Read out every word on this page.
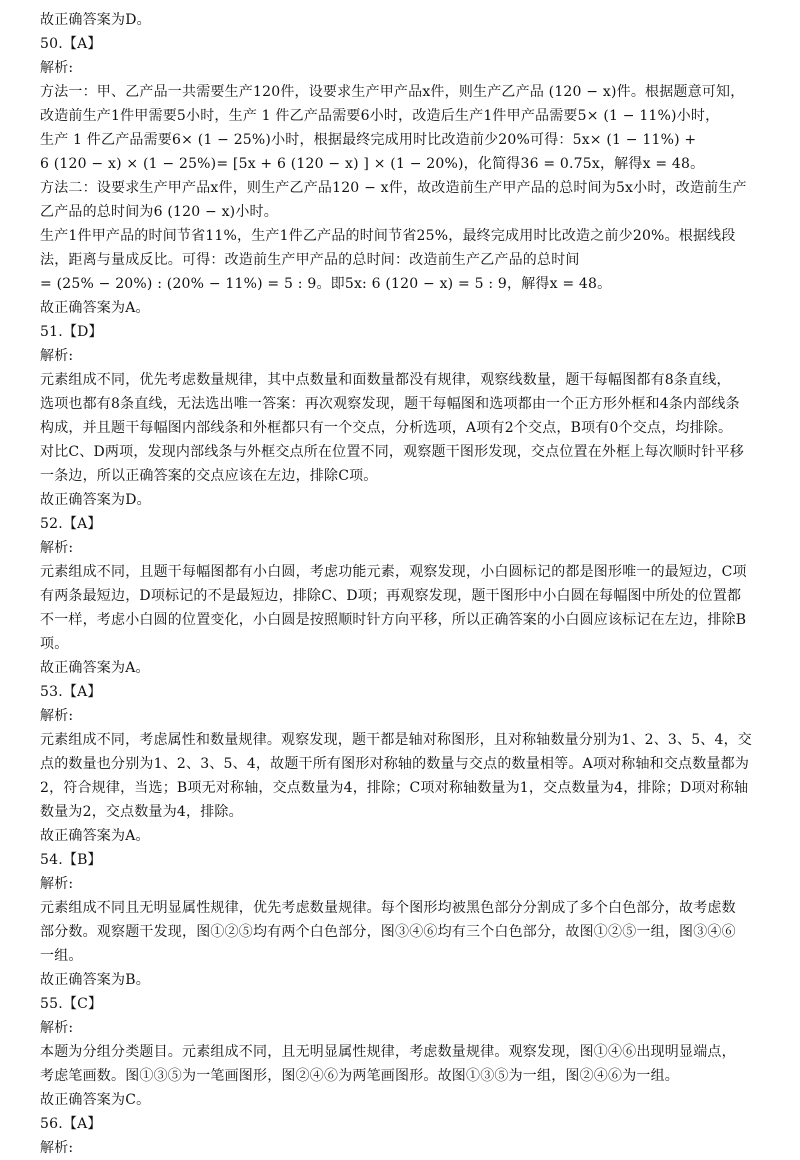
故正确答案为D。
50.【A】
解析:
方法一：甲、乙产品一共需要生产120件，设要求生产甲产品x件，则生产乙产品 (120 − x)件。根据题意可知，
改造前生产1件甲需要5小时，生产 1 件乙产品需要6小时，改造后生产1件甲产品需要5× (1 − 11%)小时，
生产 1 件乙产品需要6× (1 − 25%)小时，根据最终完成用时比改造前少20%可得：5x× (1 − 11%) +
6 (120 − x) × (1 − 25%)= [5x + 6 (120 − x) ] × (1 − 20%)，化简得36 = 0.75x，解得x = 48。
方法二：设要求生产甲产品x件，则生产乙产品120 − x件，故改造前生产甲产品的总时间为5x小时，改造前生产
乙产品的总时间为6 (120 − x)小时。
生产1件甲产品的时间节省11%，生产1件乙产品的时间节省25%，最终完成用时比改造之前少20%。根据线段
法，距离与量成反比。可得：改造前生产甲产品的总时间：改造前生产乙产品的总时间
= (25% − 20%) : (20% − 11%) = 5 : 9。即5x: 6 (120 − x) = 5 : 9，解得x = 48。
故正确答案为A。
51.【D】
解析:
元素组成不同，优先考虑数量规律，其中点数量和面数量都没有规律，观察线数量，题干每幅图都有8条直线，
选项也都有8条直线，无法选出唯一答案：再次观察发现，题干每幅图和选项都由一个正方形外框和4条内部线条
构成，并且题干每幅图内部线条和外框都只有一个交点，分析选项，A项有2个交点，B项有0个交点，均排除。
对比C、D两项，发现内部线条与外框交点所在位置不同，观察题干图形发现，交点位置在外框上每次顺时针平移
一条边，所以正确答案的交点应该在左边，排除C项。
故正确答案为D。
52.【A】
解析:
元素组成不同，且题干每幅图都有小白圆，考虑功能元素，观察发现，小白圆标记的都是图形唯一的最短边，C项
有两条最短边，D项标记的不是最短边，排除C、D项；再观察发现，题干图形中小白圆在每幅图中所处的位置都
不一样，考虑小白圆的位置变化，小白圆是按照顺时针方向平移，所以正确答案的小白圆应该标记在左边，排除B
项。
故正确答案为A。
53.【A】
解析:
元素组成不同，考虑属性和数量规律。观察发现，题干都是轴对称图形，且对称轴数量分别为1、2、3、5、4，交
点的数量也分别为1、2、3、5、4，故题干所有图形对称轴的数量与交点的数量相等。A项对称轴和交点数量都为
2，符合规律，当选；B项无对称轴，交点数量为4，排除；C项对称轴数量为1，交点数量为4，排除；D项对称轴
数量为2，交点数量为4，排除。
故正确答案为A。
54.【B】
解析:
元素组成不同且无明显属性规律，优先考虑数量规律。每个图形均被黑色部分分割成了多个白色部分，故考虑数
部分数。观察题干发现，图①②⑤均有两个白色部分，图③④⑥均有三个白色部分，故图①②⑤一组，图③④⑥
一组。
故正确答案为B。
55.【C】
解析:
本题为分组分类题目。元素组成不同，且无明显属性规律，考虑数量规律。观察发现，图①④⑥出现明显端点，
考虑笔画数。图①③⑤为一笔画图形，图②④⑥为两笔画图形。故图①③⑤为一组，图②④⑥为一组。
故正确答案为C。
56.【A】
解析:
